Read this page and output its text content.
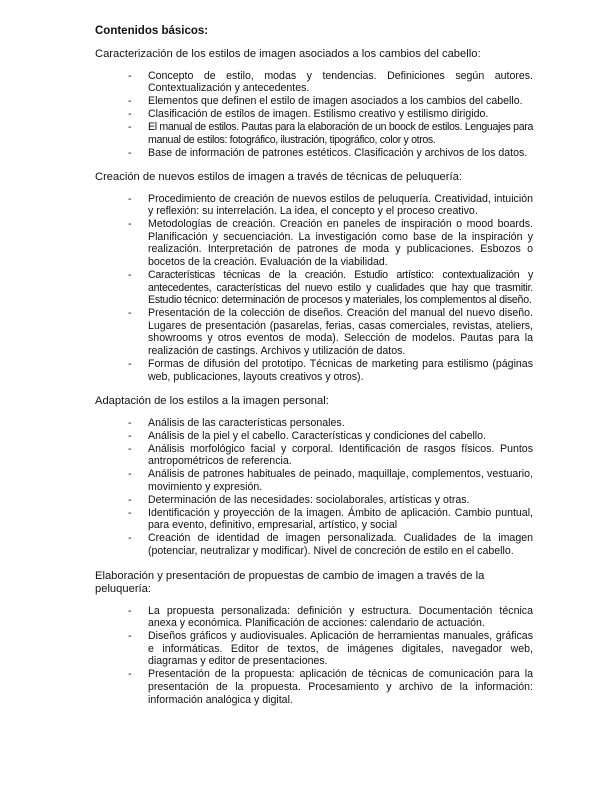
Contenidos básicos:

Caracterización de los estilos de imagen asociados a los cambios del cabello:

- Concepto de estilo, modas y tendencias. Definiciones según autores. Contextualización y antecedentes.
- Elementos que definen el estilo de imagen asociados a los cambios del cabello.
- Clasificación de estilos de imagen. Estilismo creativo y estilismo dirigido.
- El manual de estilos. Pautas para la elaboración de un boock de estilos. Lenguajes para manual de estilos: fotográfico, ilustración, tipográfico, color y otros.
- Base de información de patrones estéticos. Clasificación y archivos de los datos.

Creación de nuevos estilos de imagen a través de técnicas de peluquería:

- Procedimiento de creación de nuevos estilos de peluquería. Creatividad, intuición y reflexión: su interrelación. La idea, el concepto y el proceso creativo.
- Metodologías de creación. Creación en paneles de inspiración o mood boards. Planificación y secuenciación. La investigación como base de la inspiración y realización. Interpretación de patrones de moda y publicaciones. Esbozos o bocetos de la creación. Evaluación de la viabilidad.
- Características técnicas de la creación. Estudio artístico: contextualización y antecedentes, características del nuevo estilo y cualidades que hay que trasmitir. Estudio técnico: determinación de procesos y materiales, los complementos al diseño.
- Presentación de la colección de diseños. Creación del manual del nuevo diseño. Lugares de presentación (pasarelas, ferias, casas comerciales, revistas, ateliers, showrooms y otros eventos de moda). Selección de modelos. Pautas para la realización de castings. Archivos y utilización de datos.
- Formas de difusión del prototipo. Técnicas de marketing para estilismo (páginas web, publicaciones, layouts creativos y otros).

Adaptación de los estilos a la imagen personal:

- Análisis de las características personales.
- Análisis de la piel y el cabello. Características y condiciones del cabello.
- Análisis morfológico facial y corporal. Identificación de rasgos físicos. Puntos antropométricos de referencia.
- Análisis de patrones habituales de peinado, maquillaje, complementos, vestuario, movimiento y expresión.
- Determinación de las necesidades: sociolaborales, artísticas y otras.
- Identificación y proyección de la imagen. Ámbito de aplicación. Cambio puntual, para evento, definitivo, empresarial, artístico, y social
- Creación de identidad de imagen personalizada. Cualidades de la imagen (potenciar, neutralizar y modificar). Nivel de concreción de estilo en el cabello.

Elaboración y presentación de propuestas de cambio de imagen a través de la peluquería:

- La propuesta personalizada: definición y estructura. Documentación técnica anexa y económica. Planificación de acciones: calendario de actuación.
- Diseños gráficos y audiovisuales. Aplicación de herramientas manuales, gráficas e informáticas. Editor de textos, de imágenes digitales, navegador web, diagramas y editor de presentaciones.
- Presentación de la propuesta: aplicación de técnicas de comunicación para la presentación de la propuesta. Procesamiento y archivo de la información: información analógica y digital.
